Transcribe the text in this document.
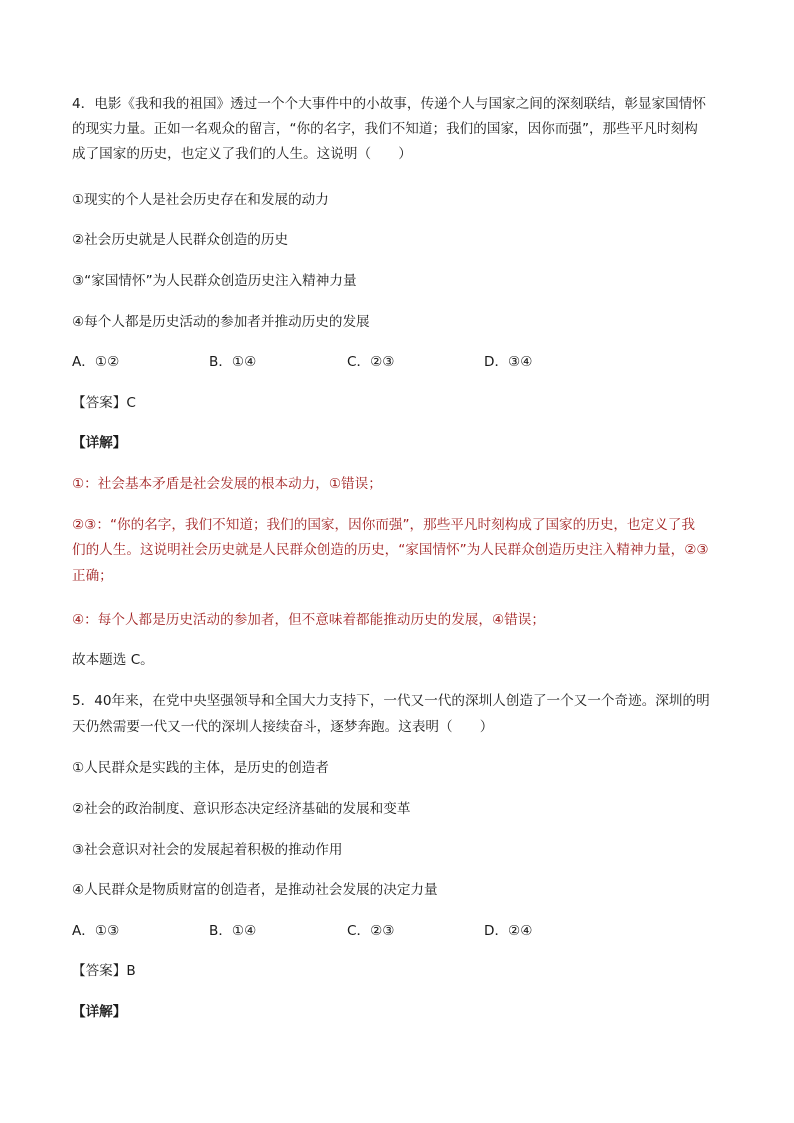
4．电影《我和我的祖国》透过一个个大事件中的小故事，传递个人与国家之间的深刻联结，彰显家国情怀
的现实力量。正如一名观众的留言，“你的名字，我们不知道；我们的国家，因你而强”，那些平凡时刻构
成了国家的历史，也定义了我们的人生。这说明（　　）
①现实的个人是社会历史存在和发展的动力
②社会历史就是人民群众创造的历史
③“家国情怀”为人民群众创造历史注入精神力量
④每个人都是历史活动的参加者并推动历史的发展
A．①②	B．①④	C．②③	D．③④
【答案】C
【详解】
①：社会基本矛盾是社会发展的根本动力，①错误；
②③：“你的名字，我们不知道；我们的国家，因你而强”，那些平凡时刻构成了国家的历史，也定义了我
们的人生。这说明社会历史就是人民群众创造的历史，“家国情怀”为人民群众创造历史注入精神力量，②③
正确；
④：每个人都是历史活动的参加者，但不意味着都能推动历史的发展，④错误；
故本题选 C。
5．40年来，在党中央坚强领导和全国大力支持下，一代又一代的深圳人创造了一个又一个奇迹。深圳的明
天仍然需要一代又一代的深圳人接续奋斗，逐梦奔跑。这表明（　　）
①人民群众是实践的主体，是历史的创造者
②社会的政治制度、意识形态决定经济基础的发展和变革
③社会意识对社会的发展起着积极的推动作用
④人民群众是物质财富的创造者，是推动社会发展的决定力量
A．①③	B．①④	C．②③	D．②④
【答案】B
【详解】
